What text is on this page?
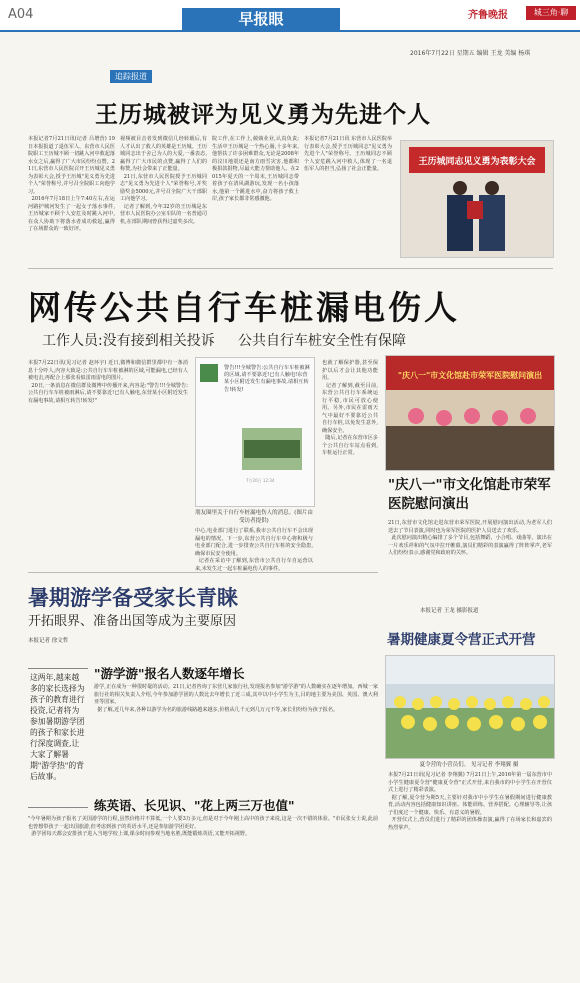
A04	早报眼	齐鲁晚报	城三角·聊
2016年7月22日 星期五 编辑 王龙 美编 杨琪
追踪报道
王历城被评为见义勇为先进个人
本报记者7月21日讯(记者 吕增营) 19日本报报道了退伍军人、东营市人民医院职工王历城不顾一切跳入河中救起落水女之后,赢得了广大市民纷纷点赞。21日,东营市人民医院召开王历城见义勇为表彰大会,授予王历城"见义勇为先进个人"荣誉称号,并号召全院职工向他学习。
2016年7月18日上午7:40左右,在运河路护城河发生了一起女子落水事件,王历城家不顾个人安危及时跳入河中,在众人协助下将落水者成功救起,赢得了在场群众的一致好评。
视频被目击者发到微信几经转载后,有人才认出了救人的英雄是王历城。王历城同志出于舍己为人的大爱,一番表态,赢得了广大市民的点赞,赢得了人们的称赞,为社会带来了正能量。
21日,东营市人民医院授予王历城同志"见义勇为先进个人"荣誉称号,并奖励奖金5000元,并号召全院广大干部职工向他学习。
记者了解到,今年32岁的王历城是东营市人民医院办公室车队的一名普通司机,在部队期间曾获得过嘉奖多次。
院工作,在工作上,兢兢业业,认真负责;生活中王历城是一个热心肠,十多年来,他帮扶了许多困难群众,无论是2008年的汶川地震还是南方雨雪灾害,他都积极捐款捐物,尽最大能力帮助他人。在2015年夏天的一个周末,王历城同志带着孩子在清风湖游玩,发现一名小孩落水,他第一个跳进水中,奋力将孩子救上岸,孩子家长都非常感激他。
本报记者7月21日讯 东营市人民医院举行表彰大会,授予王历城同志"见义勇为先进个人"荣誉称号。王历城同志不顾个人安危跳入河中救人,体现了一名退伍军人的担当,弘扬了社会正能量。
王历城同志见义勇为表彰大会
网传公共自行车桩漏电伤人
工作人员:没有接到相关投诉 公共自行车桩安全性有保障
本报7月22日讯(见习记者 赵环宇) 近日,微博和微信群里都中有一条消息十分吓人,内容大致是:公共自行车车桩被淋的区域,可能漏电,已经有人被电击,再配合上那张看似雷雨雷电的图片。
20日,一条消息在微信群及微博中传播开来,内容是:"警告!!!全城警告:公共自行车车桩被雨淋后,请不要靠近!已有人触电,东营某小区附近发生有漏电事故,请相互转告!转发!"
7月20日 12:34
警告!!!全城警告:公共自行车车桩被淋的区域,请不要靠近!已有人触电!东营某小区附近发生有漏电事故,请相互转告!转发!
朋友圈里关于自行车桩漏电伤人的消息。(图片由受访者提供)
中心,电业部门进行了联系,我市公共自行车不会出现漏电的情况。下一步,东营公共自行车中心将积极与电业部门配合,进一步排查公共自行车桩的安全隐患,确保市民安全使用。
记者在采访中了解到,东营市公共自行车自运营以来,未发生过一起车桩漏电伤人的事件。
也就了解保护器,甚至保护以后才会让其他功能用。
记者了解到,截至目前,东营公共自行车系统运行平稳,市民可放心使用。另外,市民在雷雨天气中最好不要靠近公共自行车桩,以免发生意外,确保安全。
随后,记者在东营市区多个公共自行车站点看到,车桩运行正常。
"庆八一"市文化馆赴市荣军医院慰问演出
"庆八一"市文化馆赴市荣军医院慰问演出
21日,东营市文化馆走进东营市荣军医院,开展慰问演出活动,为老军人们送去了节目表演,同时也为荣军医院的医护人员送去了欢乐。
此次慰问演出精心编排了多个节目,包括舞蹈、小合唱、戏曲等。演出在一片欢乐祥和的气氛中拉开帷幕,演员们精彩的表演赢得了阵阵掌声,老军人们纷纷表示,感谢党和政府的关怀。
本报记者 王龙 摄影报道
暑期游学备受家长青睐
开拓眼界、准备出国等成为主要原因
本报记者 徐文哲
这两年,越来越多的家长选择为孩子的教育进行投资,记者将为参加暑期游学团的孩子和家长进行深度调查,让大家了解暑期"游学热"的背后故事。
"游学游"报名人数逐年增长
游学,正在成为一种很时髦的活动。21日,记者咨询了东营几家旅行社,发现报名参加"游学游"的人数确实在逐年增加。西城一家旅行社的相关负责人介绍,今年参加游学团的人数比去年增长了近三成,其中以中小学生为主,目的地主要为美国、英国、澳大利亚等国家。
据了解,近几年来,各种以游学为名的旅游线路越来越多,价格从几千元到几万元不等,家长们纷纷为孩子报名。
练英语、长见识、"花上两三万也值"
"今年暑期为孩子报名了美国游学的行程,虽然价格并不算低,一个人要3万多元,但是对于今年刚上高中的孩子来说,这是一次不错的体验。"市民张女士说,此前也曾想带孩子一起出国旅游,但考虑到孩子的英语水平,还是参加游学团更好。
游学团每天都会安排孩子进入当地学校上课,课余时间参观当地名胜,既能锻炼英语,又能开拓视野。
暑期健康夏令营正式开营
夏令营的小营员们。 见习记者 李翔翼 摄
本报7月21日讯(见习记者 李翔翼) 7月21日上午,2016年第一届东营市中小学生健康夏令营"健康夏令营"正式开营,来自我市的中小学生在开营仪式上进行了精彩表演。
据了解,夏令营为期5天,主要针对我市中小学生在暑假期间进行健康教育,活动内容包括健康知识讲座、体能训练、营养搭配、心理辅导等,让孩子们度过一个健康、快乐、有意义的暑假。
开营仪式上,营员们进行了精彩的团体操表演,赢得了在场家长和嘉宾的热烈掌声。
